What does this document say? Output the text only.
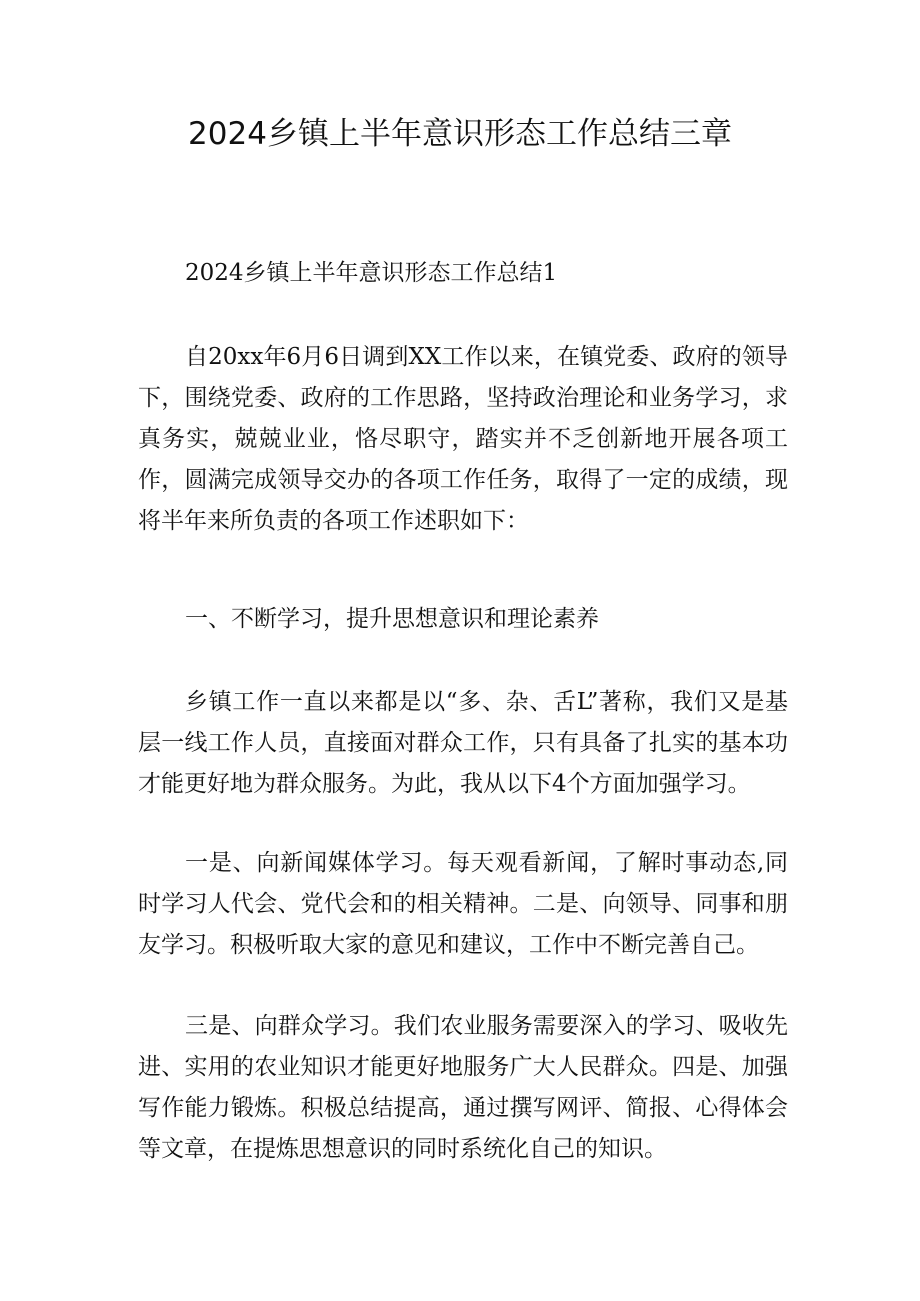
2024乡镇上半年意识形态工作总结三章

2024乡镇上半年意识形态工作总结1

自20xx年6月6日调到XX工作以来，在镇党委、政府的领导下，围绕党委、政府的工作思路，坚持政治理论和业务学习，求真务实，兢兢业业，恪尽职守，踏实并不乏创新地开展各项工作，圆满完成领导交办的各项工作任务，取得了一定的成绩，现将半年来所负责的各项工作述职如下：

一、不断学习，提升思想意识和理论素养

乡镇工作一直以来都是以“多、杂、舌L”著称，我们又是基层一线工作人员，直接面对群众工作，只有具备了扎实的基本功才能更好地为群众服务。为此，我从以下4个方面加强学习。

一是、向新闻媒体学习。每天观看新闻，了解时事动态,同时学习人代会、党代会和的相关精神。二是、向领导、同事和朋友学习。积极听取大家的意见和建议，工作中不断完善自己。

三是、向群众学习。我们农业服务需要深入的学习、吸收先进、实用的农业知识才能更好地服务广大人民群众。四是、加强写作能力锻炼。积极总结提高，通过撰写网评、简报、心得体会等文章，在提炼思想意识的同时系统化自己的知识。
